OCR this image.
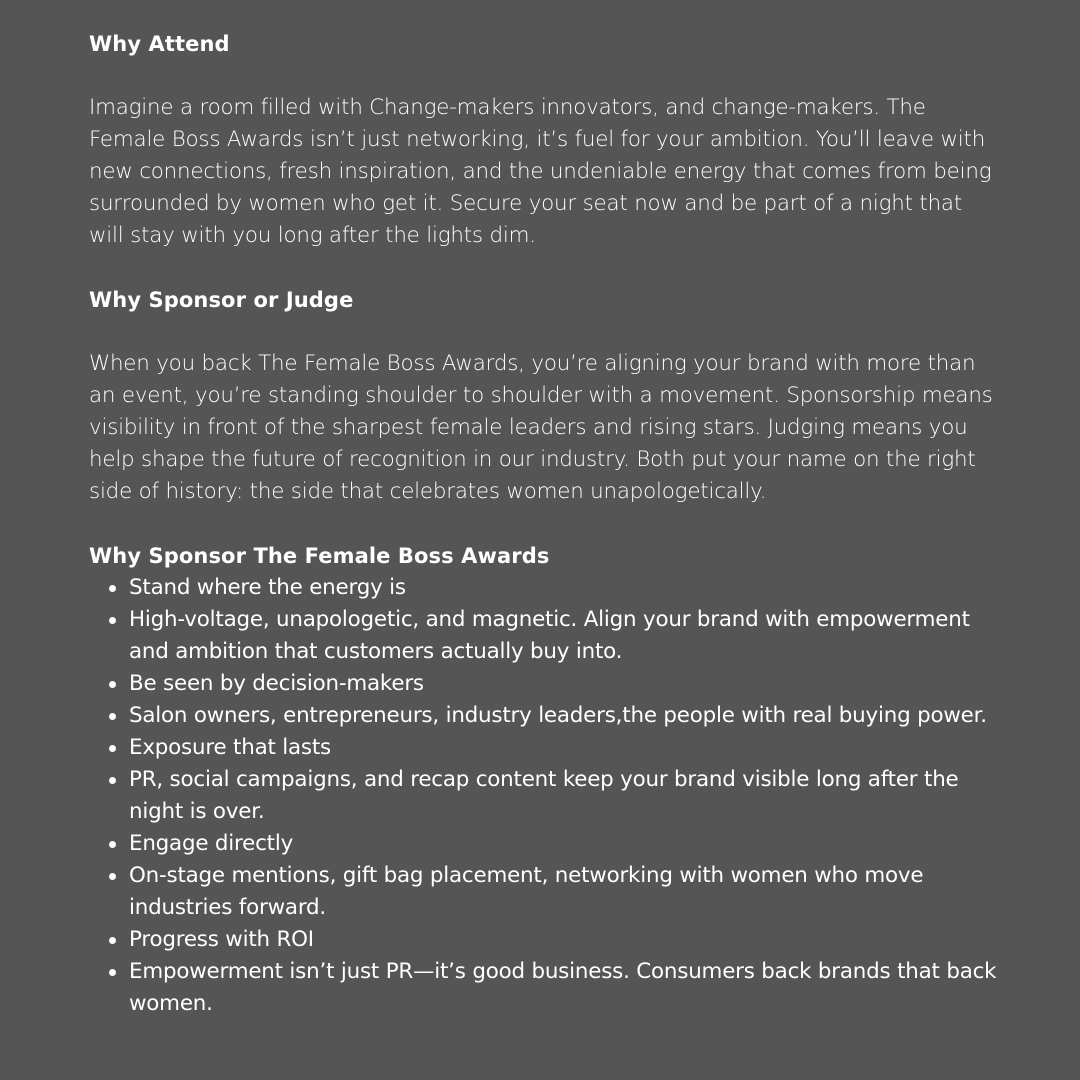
Why Attend

Imagine a room filled with Change-makers innovators, and change-makers. The Female Boss Awards isn’t just networking, it’s fuel for your ambition. You’ll leave with new connections, fresh inspiration, and the undeniable energy that comes from being surrounded by women who get it. Secure your seat now and be part of a night that will stay with you long after the lights dim.

Why Sponsor or Judge

When you back The Female Boss Awards, you’re aligning your brand with more than an event, you’re standing shoulder to shoulder with a movement. Sponsorship means visibility in front of the sharpest female leaders and rising stars. Judging means you help shape the future of recognition in our industry. Both put your name on the right side of history: the side that celebrates women unapologetically.

Why Sponsor The Female Boss Awards
Stand where the energy is
High-voltage, unapologetic, and magnetic. Align your brand with empowerment and ambition that customers actually buy into.
Be seen by decision-makers
Salon owners, entrepreneurs, industry leaders,the people with real buying power.
Exposure that lasts
PR, social campaigns, and recap content keep your brand visible long after the night is over.
Engage directly
On-stage mentions, gift bag placement, networking with women who move industries forward.
Progress with ROI
Empowerment isn’t just PR—it’s good business. Consumers back brands that back women.
